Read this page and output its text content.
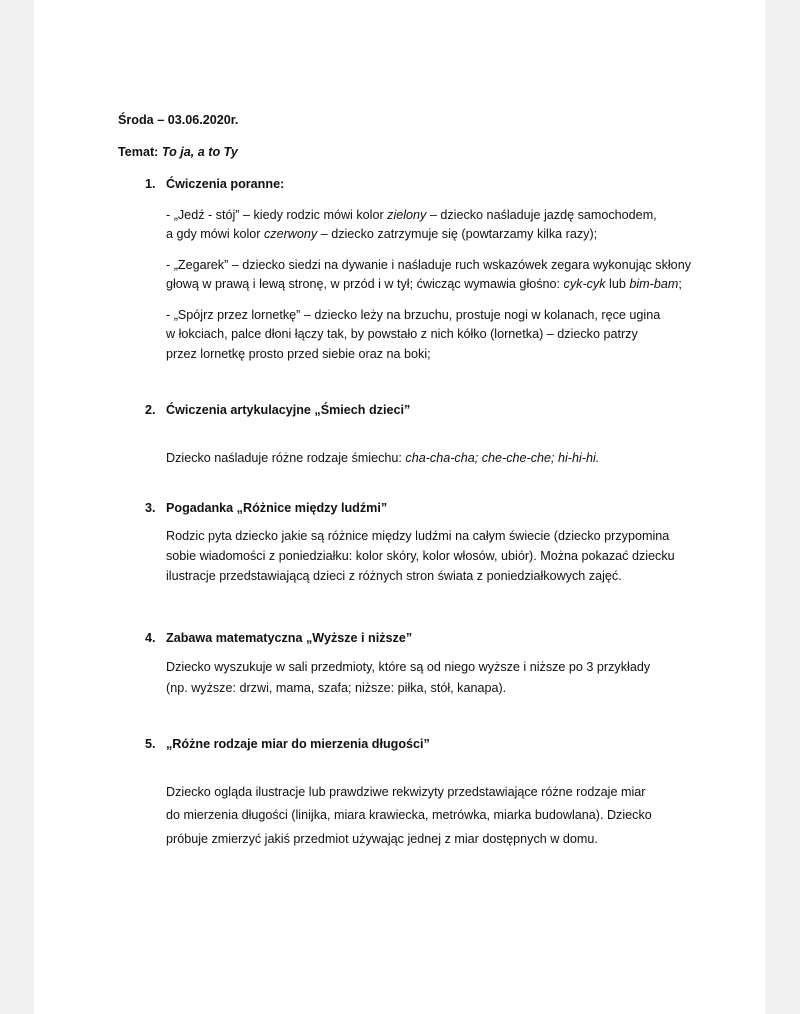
Środa – 03.06.2020r.
Temat: To ja, a to Ty
1. Ćwiczenia poranne:
- „Jedź - stój” – kiedy rodzic mówi kolor zielony – dziecko naśladuje jazdę samochodem,
a gdy mówi kolor czerwony – dziecko zatrzymuje się (powtarzamy kilka razy);
- „Zegarek” – dziecko siedzi na dywanie i naśladuje ruch wskazówek zegara wykonując skłony
głową w prawą i lewą stronę, w przód i w tył; ćwicząc wymawia głośno: cyk-cyk lub bim-bam;
- „Spójrz przez lornetkę” – dziecko leży na brzuchu, prostuje nogi w kolanach, ręce ugina
w łokciach, palce dłoni łączy tak, by powstało z nich kółko (lornetka) – dziecko patrzy
przez lornetkę prosto przed siebie oraz na boki;
2. Ćwiczenia artykulacyjne „Śmiech dzieci”
Dziecko naśladuje różne rodzaje śmiechu: cha-cha-cha; che-che-che; hi-hi-hi.
3. Pogadanka „Różnice między ludźmi”
Rodzic pyta dziecko jakie są różnice między ludźmi na całym świecie (dziecko przypomina
sobie wiadomości z poniedziałku: kolor skóry, kolor włosów, ubiór). Można pokazać dziecku
ilustracje przedstawiającą dzieci z różnych stron świata z poniedziałkowych zajęć.
4. Zabawa matematyczna „Wyższe i niższe”
Dziecko wyszukuje w sali przedmioty, które są od niego wyższe i niższe po 3 przykłady
(np. wyższe: drzwi, mama, szafa; niższe: piłka, stół, kanapa).
5. „Różne rodzaje miar do mierzenia długości”
Dziecko ogląda ilustracje lub prawdziwe rekwizyty przedstawiające różne rodzaje miar
do mierzenia długości (linijka, miara krawiecka, metrówka, miarka budowlana). Dziecko
próbuje zmierzyć jakiś przedmiot używając jednej z miar dostępnych w domu.
